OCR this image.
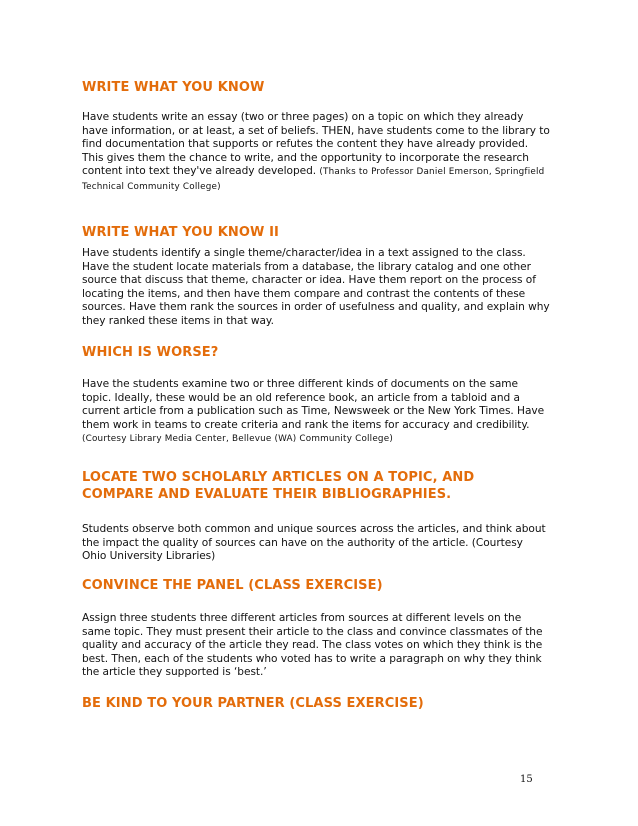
WRITE WHAT YOU KNOW

Have students write an essay (two or three pages) on a topic on which they already have information, or at least, a set of beliefs. THEN, have students come to the library to find documentation that supports or refutes the content they have already provided. This gives them the chance to write, and the opportunity to incorporate the research content into text they've already developed. (Thanks to Professor Daniel Emerson, Springfield Technical Community College)

WRITE WHAT YOU KNOW II

Have students identify a single theme/character/idea in a text assigned to the class. Have the student locate materials from a database, the library catalog and one other source that discuss that theme, character or idea. Have them report on the process of locating the items, and then have them compare and contrast the contents of these sources. Have them rank the sources in order of usefulness and quality, and explain why they ranked these items in that way.

WHICH IS WORSE?

Have the students examine two or three different kinds of documents on the same topic. Ideally, these would be an old reference book, an article from a tabloid and a current article from a publication such as Time, Newsweek or the New York Times. Have them work in teams to create criteria and rank the items for accuracy and credibility. (Courtesy Library Media Center, Bellevue (WA) Community College)

LOCATE TWO SCHOLARLY ARTICLES ON A TOPIC, AND
COMPARE AND EVALUATE THEIR BIBLIOGRAPHIES.

Students observe both common and unique sources across the articles, and think about the impact the quality of sources can have on the authority of the article. (Courtesy Ohio University Libraries)

CONVINCE THE PANEL (CLASS EXERCISE)

Assign three students three different articles from sources at different levels on the same topic. They must present their article to the class and convince classmates of the quality and accuracy of the article they read. The class votes on which they think is the best. Then, each of the students who voted has to write a paragraph on why they think the article they supported is ‘best.’

BE KIND TO YOUR PARTNER (CLASS EXERCISE)
15
